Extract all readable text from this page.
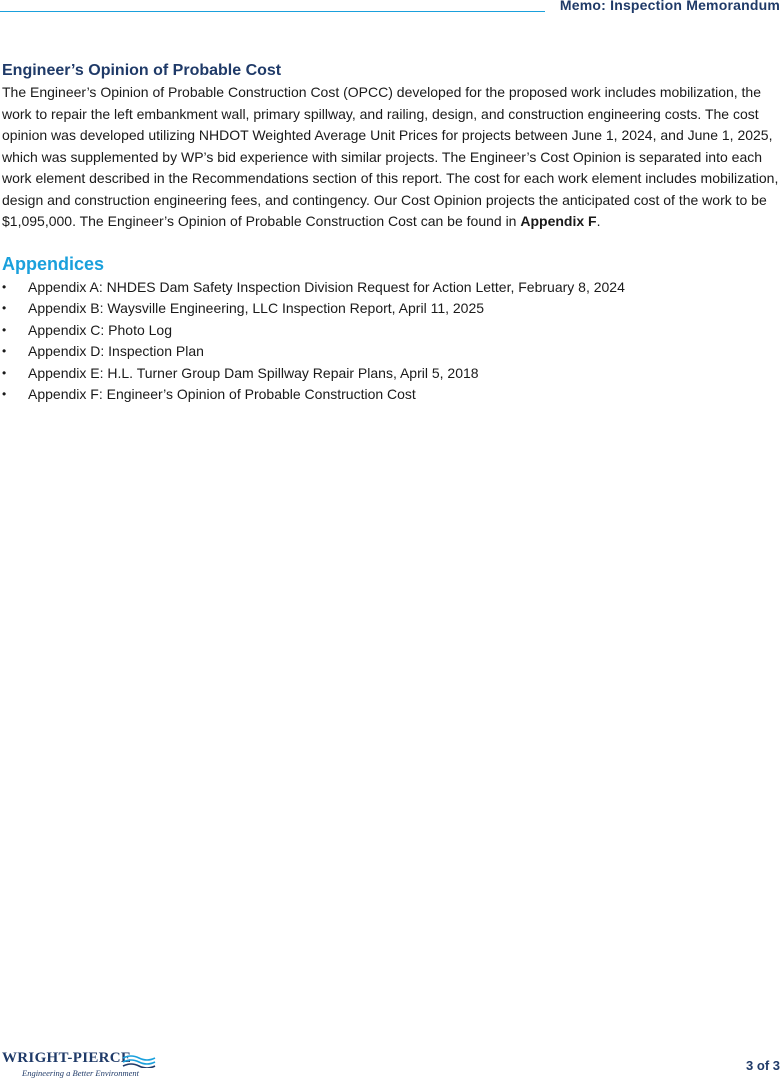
Memo: Inspection Memorandum
Engineer’s Opinion of Probable Cost

The Engineer’s Opinion of Probable Construction Cost (OPCC) developed for the proposed work includes mobilization, the work to repair the left embankment wall, primary spillway, and railing, design, and construction engineering costs. The cost opinion was developed utilizing NHDOT Weighted Average Unit Prices for projects between June 1, 2024, and June 1, 2025, which was supplemented by WP’s bid experience with similar projects. The Engineer’s Cost Opinion is separated into each work element described in the Recommendations section of this report. The cost for each work element includes mobilization, design and construction engineering fees, and contingency. Our Cost Opinion projects the anticipated cost of the work to be $1,095,000. The Engineer’s Opinion of Probable Construction Cost can be found in Appendix F.

Appendices
• Appendix A: NHDES Dam Safety Inspection Division Request for Action Letter, February 8, 2024
• Appendix B: Waysville Engineering, LLC Inspection Report, April 11, 2025
• Appendix C: Photo Log
• Appendix D: Inspection Plan
• Appendix E: H.L. Turner Group Dam Spillway Repair Plans, April 5, 2018
• Appendix F: Engineer’s Opinion of Probable Construction Cost
WRIGHT-PIERCE
Engineering a Better Environment	3 of 3
